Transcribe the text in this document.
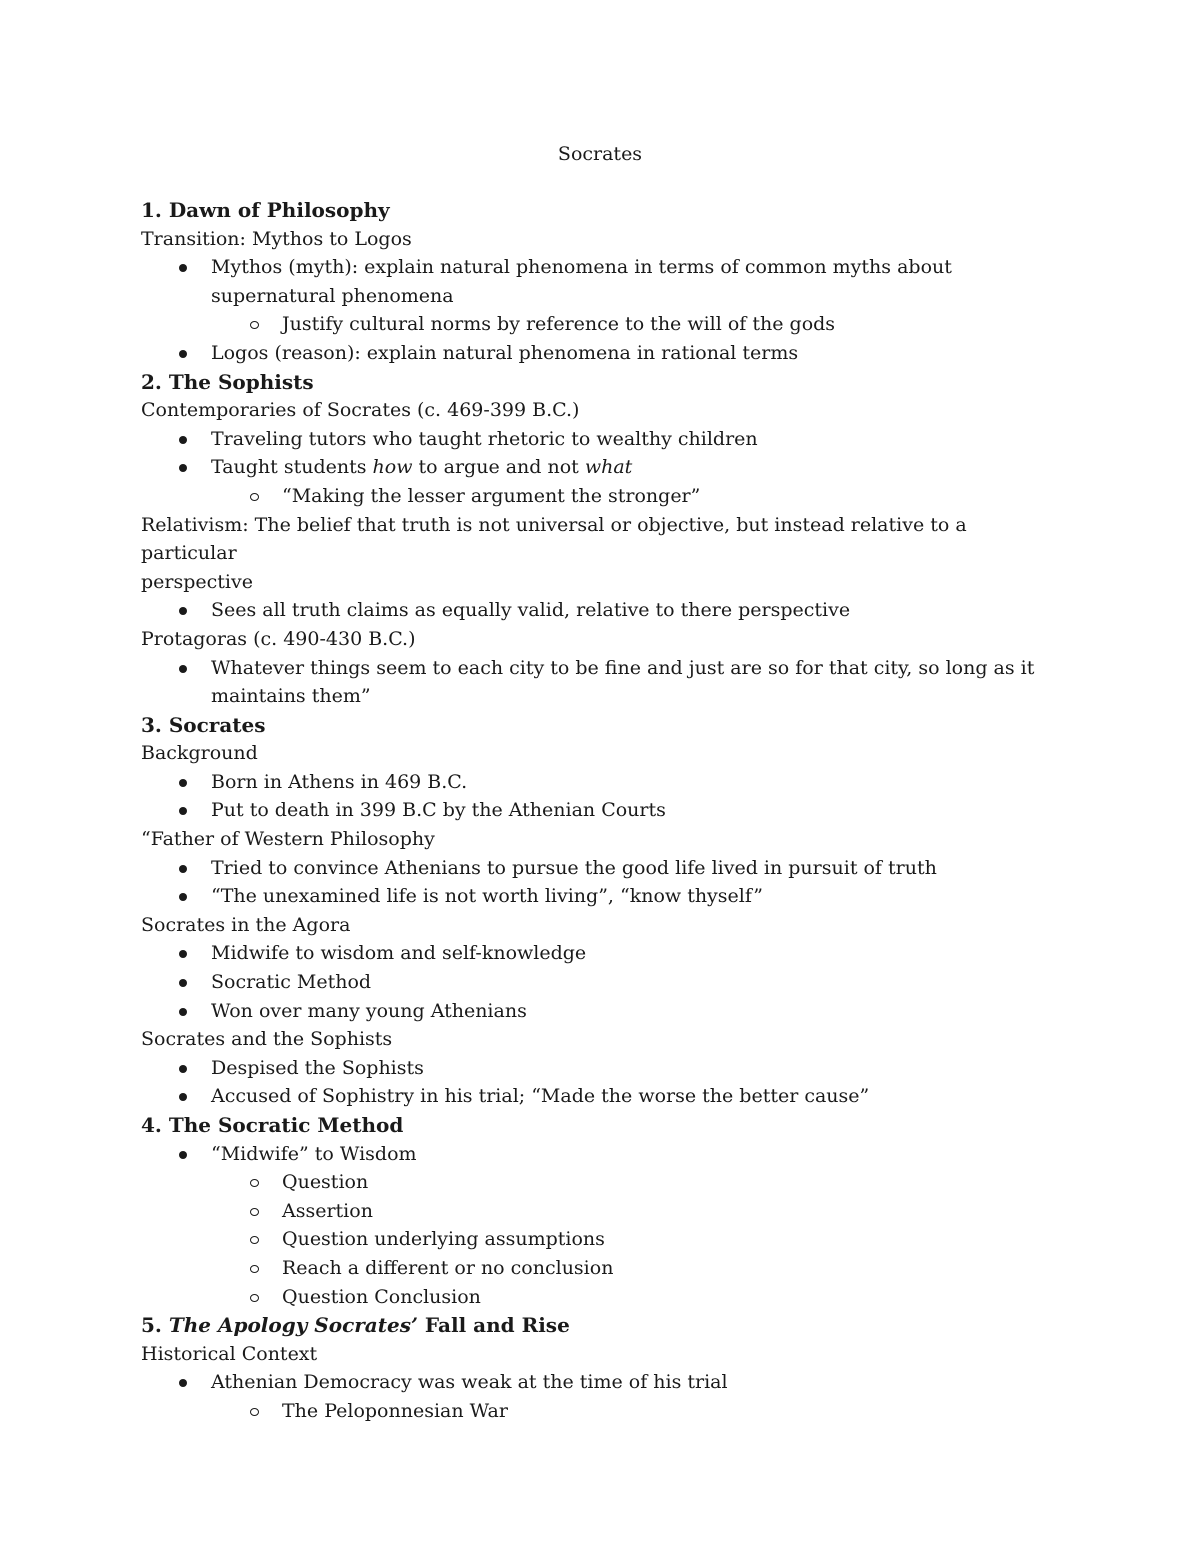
Socrates
1. Dawn of Philosophy
Transition: Mythos to Logos
Mythos (myth): explain natural phenomena in terms of common myths about
supernatural phenomena
Justify cultural norms by reference to the will of the gods
Logos (reason): explain natural phenomena in rational terms
2. The Sophists
Contemporaries of Socrates (c. 469-399 B.C.)
Traveling tutors who taught rhetoric to wealthy children
Taught students how to argue and not what
“Making the lesser argument the stronger”
Relativism: The belief that truth is not universal or objective, but instead relative to a particular
perspective
Sees all truth claims as equally valid, relative to there perspective
Protagoras (c. 490-430 B.C.)
Whatever things seem to each city to be fine and just are so for that city, so long as it
maintains them”
3. Socrates
Background
Born in Athens in 469 B.C.
Put to death in 399 B.C by the Athenian Courts
“Father of Western Philosophy
Tried to convince Athenians to pursue the good life lived in pursuit of truth
“The unexamined life is not worth living”, “know thyself”
Socrates in the Agora
Midwife to wisdom and self-knowledge
Socratic Method
Won over many young Athenians
Socrates and the Sophists
Despised the Sophists
Accused of Sophistry in his trial; “Made the worse the better cause”
4. The Socratic Method
“Midwife” to Wisdom
Question
Assertion
Question underlying assumptions
Reach a different or no conclusion
Question Conclusion
5. The Apology Socrates’ Fall and Rise
Historical Context
Athenian Democracy was weak at the time of his trial
The Peloponnesian War
